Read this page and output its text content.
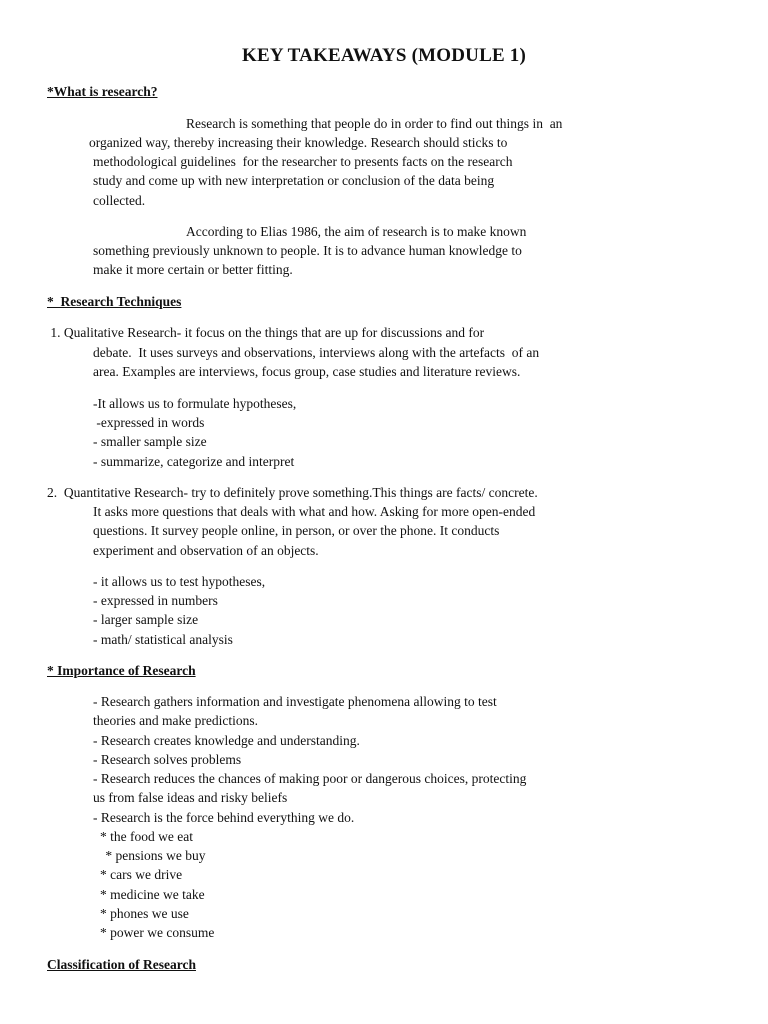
KEY TAKEAWAYS (MODULE 1)
*What is research?
Research is something that people do in order to find out things in  an
organized way, thereby increasing their knowledge. Research should sticks to
methodological guidelines  for the researcher to presents facts on the research
study and come up with new interpretation or conclusion of the data being
collected.
According to Elias 1986, the aim of research is to make known
something previously unknown to people. It is to advance human knowledge to
make it more certain or better fitting.
*  Research Techniques
1. Qualitative Research- it focus on the things that are up for discussions and for
debate.  It uses surveys and observations, interviews along with the artefacts  of an
area. Examples are interviews, focus group, case studies and literature reviews.
-It allows us to formulate hypotheses,
-expressed in words
- smaller sample size
- summarize, categorize and interpret
2.  Quantitative Research- try to definitely prove something.This things are facts/ concrete.
It asks more questions that deals with what and how. Asking for more open-ended
questions. It survey people online, in person, or over the phone. It conducts
experiment and observation of an objects.
- it allows us to test hypotheses,
- expressed in numbers
- larger sample size
- math/ statistical analysis
* Importance of Research
- Research gathers information and investigate phenomena allowing to test
theories and make predictions.
- Research creates knowledge and understanding.
- Research solves problems
- Research reduces the chances of making poor or dangerous choices, protecting
us from false ideas and risky beliefs
- Research is the force behind everything we do.
* the food we eat
* pensions we buy
* cars we drive
* medicine we take
* phones we use
* power we consume
Classification of Research
